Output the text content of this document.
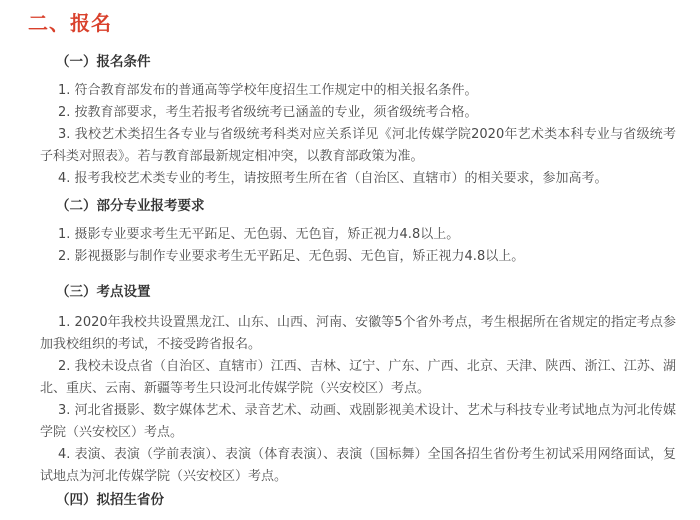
二、报名
（一）报名条件
1. 符合教育部发布的普通高等学校年度招生工作规定中的相关报名条件。
2. 按教育部要求，考生若报考省级统考已涵盖的专业，须省级统考合格。
3. 我校艺术类招生各专业与省级统考科类对应关系详见《河北传媒学院2020年艺术类本科专业与省级统考子科类对照表》。若与教育部最新规定相冲突，以教育部政策为准。
4. 报考我校艺术类专业的考生，请按照考生所在省（自治区、直辖市）的相关要求，参加高考。
（二）部分专业报考要求
1. 摄影专业要求考生无平跖足、无色弱、无色盲，矫正视力4.8以上。
2. 影视摄影与制作专业要求考生无平跖足、无色弱、无色盲，矫正视力4.8以上。
（三）考点设置
1. 2020年我校共设置黑龙江、山东、山西、河南、安徽等5个省外考点，考生根据所在省规定的指定考点参加我校组织的考试，不接受跨省报名。
2. 我校未设点省（自治区、直辖市）江西、吉林、辽宁、广东、广西、北京、天津、陕西、浙江、江苏、湖北、重庆、云南、新疆等考生只设河北传媒学院（兴安校区）考点。
3. 河北省摄影、数字媒体艺术、录音艺术、动画、戏剧影视美术设计、艺术与科技专业考试地点为河北传媒学院（兴安校区）考点。
4. 表演、表演（学前表演）、表演（体育表演）、表演（国标舞）全国各招生省份考生初试采用网络面试，复试地点为河北传媒学院（兴安校区）考点。
（四）拟招生省份
